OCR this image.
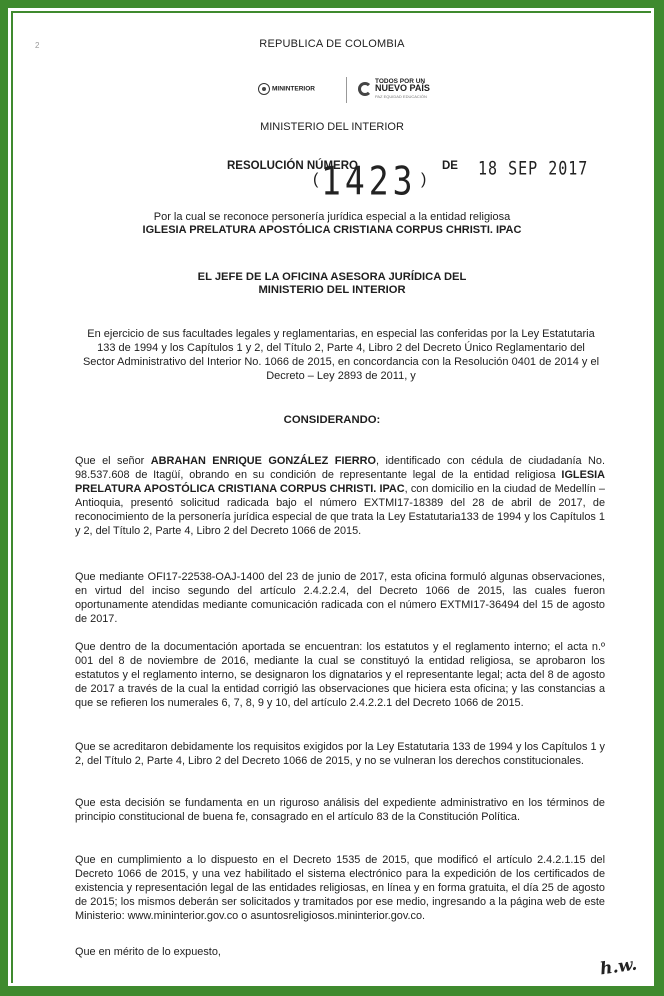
2	REPUBLICA DE COLOMBIA
MININTERIOR
TODOS POR UN
NUEVO PAÍS
PAZ EQUIDAD EDUCACIÓN
MINISTERIO DEL INTERIOR
RESOLUCIÓN NÚMERO
( 1423 )
DE 18 SEP 2017
Por la cual se reconoce personería jurídica especial a la entidad religiosa
IGLESIA PRELATURA APOSTÓLICA CRISTIANA CORPUS CHRISTI. IPAC
EL JEFE DE LA OFICINA ASESORA JURÍDICA DEL
MINISTERIO DEL INTERIOR
En ejercicio de sus facultades legales y reglamentarias, en especial las conferidas por la Ley Estatutaria 133 de 1994 y los Capítulos 1 y 2, del Título 2, Parte 4, Libro 2 del Decreto Único Reglamentario del Sector Administrativo del Interior No. 1066 de 2015, en concordancia con la Resolución 0401 de 2014 y el Decreto – Ley 2893 de 2011, y
CONSIDERANDO:
Que el señor ABRAHAN ENRIQUE GONZÁLEZ FIERRO, identificado con cédula de ciudadanía No. 98.537.608 de Itagüí, obrando en su condición de representante legal de la entidad religiosa IGLESIA PRELATURA APOSTÓLICA CRISTIANA CORPUS CHRISTI. IPAC, con domicilio en la ciudad de Medellín – Antioquia, presentó solicitud radicada bajo el número EXTMI17-18389 del 28 de abril de 2017, de reconocimiento de la personería jurídica especial de que trata la Ley Estatutaria133 de 1994 y los Capítulos 1 y 2, del Título 2, Parte 4, Libro 2 del Decreto 1066 de 2015.
Que mediante OFI17-22538-OAJ-1400 del 23 de junio de 2017, esta oficina formuló algunas observaciones, en virtud del inciso segundo del artículo 2.4.2.2.4, del Decreto 1066 de 2015, las cuales fueron oportunamente atendidas mediante comunicación radicada con el número EXTMI17-36494 del 15 de agosto de 2017.
Que dentro de la documentación aportada se encuentran: los estatutos y el reglamento interno; el acta n.º 001 del 8 de noviembre de 2016, mediante la cual se constituyó la entidad religiosa, se aprobaron los estatutos y el reglamento interno, se designaron los dignatarios y el representante legal; acta del 8 de agosto de 2017 a través de la cual la entidad corrigió las observaciones que hiciera esta oficina; y las constancias a que se refieren los numerales 6, 7, 8, 9 y 10, del artículo 2.4.2.2.1 del Decreto 1066 de 2015.
Que se acreditaron debidamente los requisitos exigidos por la Ley Estatutaria 133 de 1994 y los Capítulos 1 y 2, del Título 2, Parte 4, Libro 2 del Decreto 1066 de 2015, y no se vulneran los derechos constitucionales.
Que esta decisión se fundamenta en un riguroso análisis del expediente administrativo en los términos de principio constitucional de buena fe, consagrado en el artículo 83 de la Constitución Política.
Que en cumplimiento a lo dispuesto en el Decreto 1535 de 2015, que modificó el artículo 2.4.2.1.15 del Decreto 1066 de 2015, y una vez habilitado el sistema electrónico para la expedición de los certificados de existencia y representación legal de las entidades religiosas, en línea y en forma gratuita, el día 25 de agosto de 2015; los mismos deberán ser solicitados y tramitados por ese medio, ingresando a la página web de este Ministerio: www.mininterior.gov.co o asuntosreligiosos.mininterior.gov.co.
Que en mérito de lo expuesto,
h.w.
